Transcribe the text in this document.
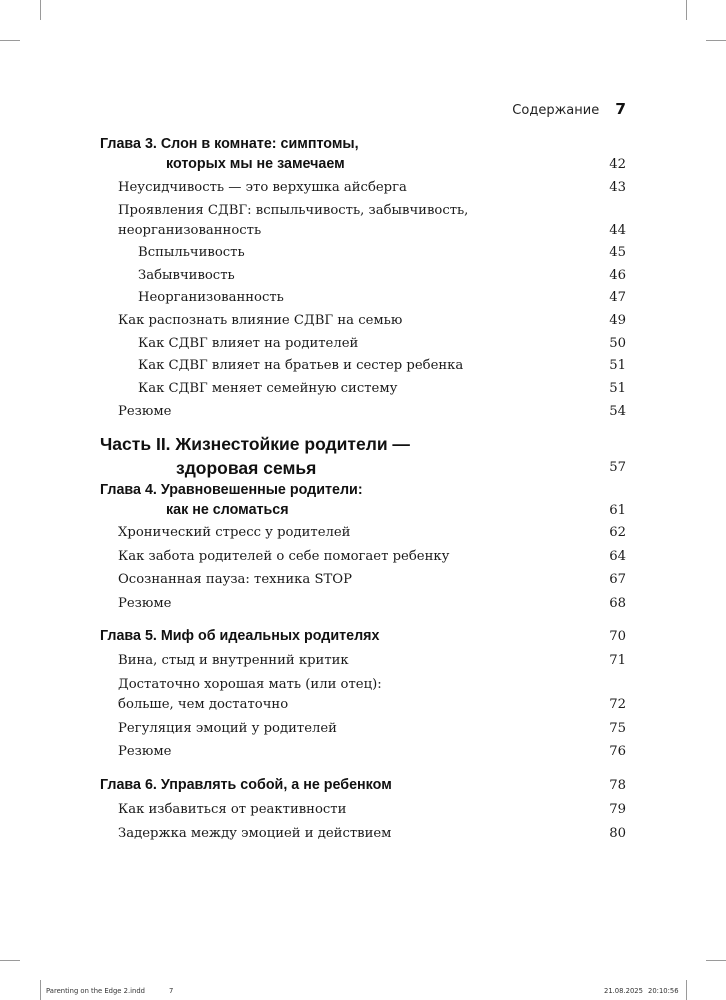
Содержание 7
Глава 3. Слон в комнате: симптомы,
которых мы не замечаем	42
Неусидчивость — это верхушка айсберга	43
Проявления СДВГ: вспыльчивость, забывчивость,
неорганизованность	44
Вспыльчивость	45
Забывчивость	46
Неорганизованность	47
Как распознать влияние СДВГ на семью	49
Как СДВГ влияет на родителей	50
Как СДВГ влияет на братьев и сестер ребенка	51
Как СДВГ меняет семейную систему	51
Резюме	54
Часть II. Жизнестойкие родители —
здоровая семья	57
Глава 4. Уравновешенные родители:
как не сломаться	61
Хронический стресс у родителей	62
Как забота родителей о себе помогает ребенку	64
Осознанная пауза: техника STOP	67
Резюме	68
Глава 5. Миф об идеальных родителях	70
Вина, стыд и внутренний критик	71
Достаточно хорошая мать (или отец):
больше, чем достаточно	72
Регуляция эмоций у родителей	75
Резюме	76
Глава 6. Управлять собой, а не ребенком	78
Как избавиться от реактивности	79
Задержка между эмоцией и действием	80
Parenting on the Edge 2.indd	7	21.08.2025 20:10:56
